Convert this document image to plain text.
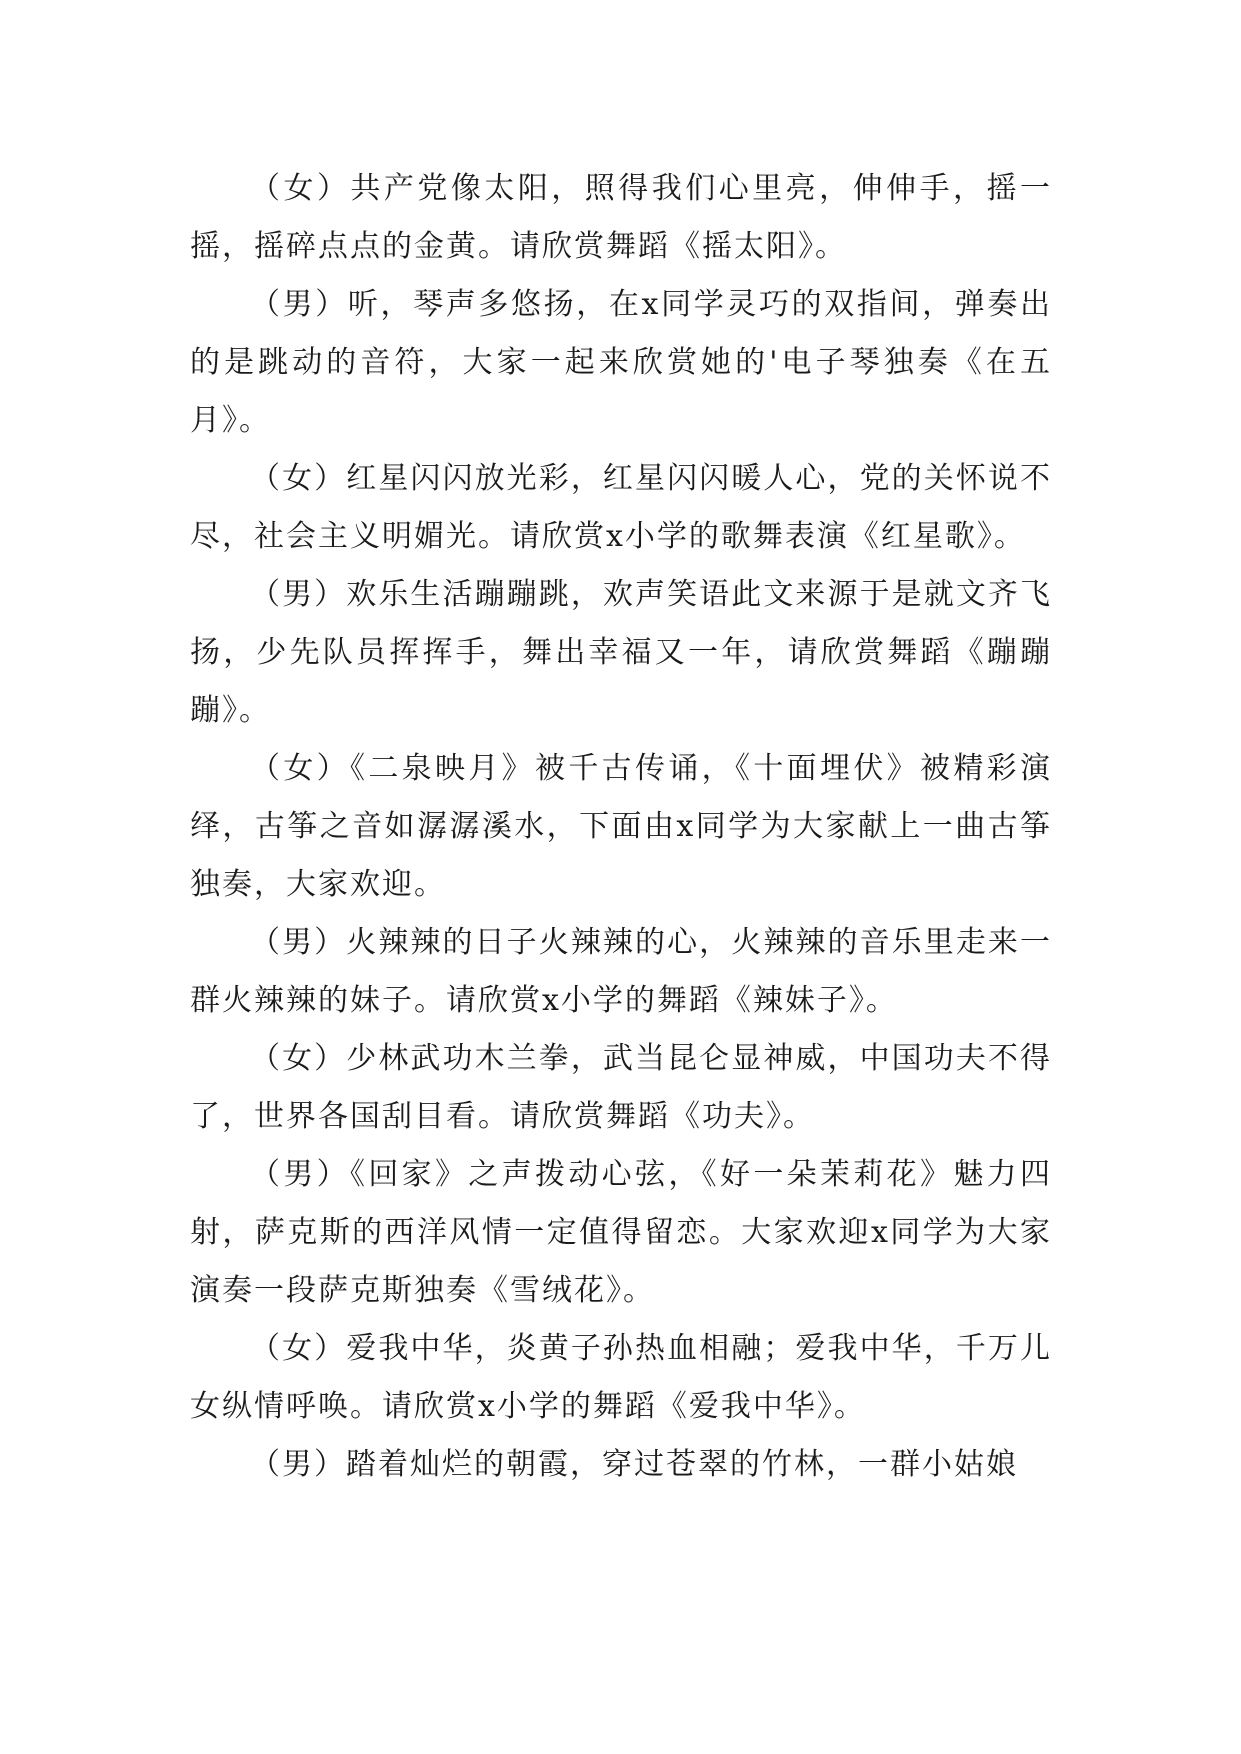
（女）共产党像太阳，照得我们心里亮，伸伸手，摇一摇，摇碎点点的金黄。请欣赏舞蹈《摇太阳》。

（男）听，琴声多悠扬，在x同学灵巧的双指间，弹奏出的是跳动的音符，大家一起来欣赏她的'电子琴独奏《在五月》。

（女）红星闪闪放光彩，红星闪闪暖人心，党的关怀说不尽，社会主义明媚光。请欣赏x小学的歌舞表演《红星歌》。

（男）欢乐生活蹦蹦跳，欢声笑语此文来源于是就文齐飞扬，少先队员挥挥手，舞出幸福又一年，请欣赏舞蹈《蹦蹦蹦》。

（女）《二泉映月》被千古传诵，《十面埋伏》被精彩演绎，古筝之音如潺潺溪水，下面由x同学为大家献上一曲古筝独奏，大家欢迎。

（男）火辣辣的日子火辣辣的心，火辣辣的音乐里走来一群火辣辣的妹子。请欣赏x小学的舞蹈《辣妹子》。

（女）少林武功木兰拳，武当昆仑显神威，中国功夫不得了，世界各国刮目看。请欣赏舞蹈《功夫》。

（男）《回家》之声拨动心弦，《好一朵茉莉花》魅力四射，萨克斯的西洋风情一定值得留恋。大家欢迎x同学为大家演奏一段萨克斯独奏《雪绒花》。

（女）爱我中华，炎黄子孙热血相融；爱我中华，千万儿女纵情呼唤。请欣赏x小学的舞蹈《爱我中华》。

（男）踏着灿烂的朝霞，穿过苍翠的竹林，一群小姑娘
